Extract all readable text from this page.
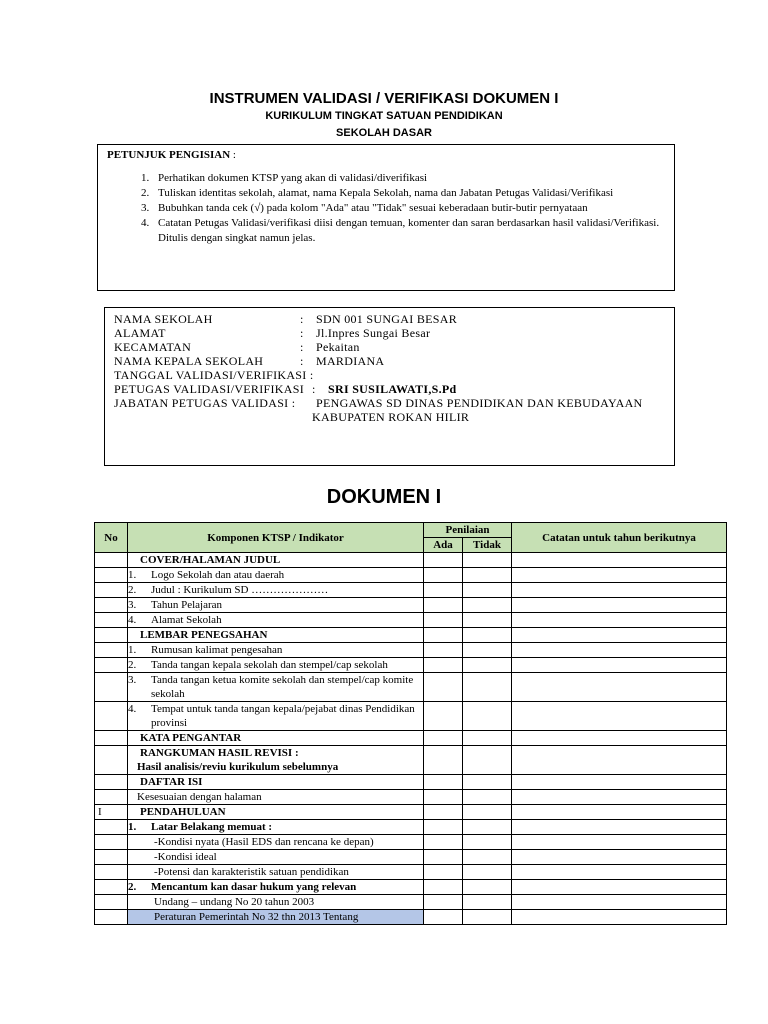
INSTRUMEN VALIDASI / VERIFIKASI DOKUMEN I
KURIKULUM TINGKAT SATUAN PENDIDIKAN
SEKOLAH DASAR
PETUNJUK PENGISIAN :
1. Perhatikan dokumen KTSP yang akan di validasi/diverifikasi
2. Tuliskan identitas sekolah, alamat, nama Kepala Sekolah, nama dan Jabatan Petugas Validasi/Verifikasi
3. Bubuhkan tanda cek (√) pada kolom "Ada" atau "Tidak" sesuai keberadaan butir-butir pernyataan
4. Catatan Petugas Validasi/verifikasi diisi dengan temuan, komenter dan saran berdasarkan hasil validasi/Verifikasi. Ditulis dengan singkat namun jelas.
NAMA SEKOLAH	:	SDN 001 SUNGAI BESAR
ALAMAT	:	Jl.Inpres Sungai Besar
KECAMATAN	:	Pekaitan
NAMA KEPALA SEKOLAH	:	MARDIANA
TANGGAL VALIDASI/VERIFIKASI :
PETUGAS VALIDASI/VERIFIKASI :	SRI SUSILAWATI,S.Pd
JABATAN PETUGAS VALIDASI :	PENGAWAS SD DINAS PENDIDIKAN DAN KEBUDAYAAN
KABUPATEN ROKAN HILIR
DOKUMEN I
No	Komponen KTSP / Indikator	Penilaian		Catatan untuk tahun berikutnya
		Ada	Tidak	
	COVER/HALAMAN JUDUL			

	1. Logo Sekolah dan atau daerah			

	2. Judul : Kurikulum SD …………………			

	3. Tahun Pelajaran			

	4. Alamat Sekolah			

	LEMBAR PENEGSAHAN			

	1. Rumusan kalimat pengesahan			

	2. Tanda tangan kepala sekolah dan stempel/cap sekolah			

	3. Tanda tangan ketua komite sekolah dan stempel/cap komite sekolah			

	4. Tempat untuk tanda tangan kepala/pejabat dinas Pendidikan provinsi			

	KATA PENGANTAR			

	RANGKUMAN HASIL REVISI :
Hasil analisis/reviu kurikulum sebelumnya			

	DAFTAR ISI			
	Kesesuaian dengan halaman			
I	PENDAHULUAN			

	1. Latar Belakang memuat :			

	-Kondisi nyata (Hasil EDS dan rencana ke depan)			
	-Kondisi ideal			
	-Potensi dan karakteristik satuan pendidikan			

	2. Mencantum kan dasar hukum yang relevan			

	Undang – undang No 20 tahun 2003			
	Peraturan Pemerintah No 32 thn 2013 Tentang			
